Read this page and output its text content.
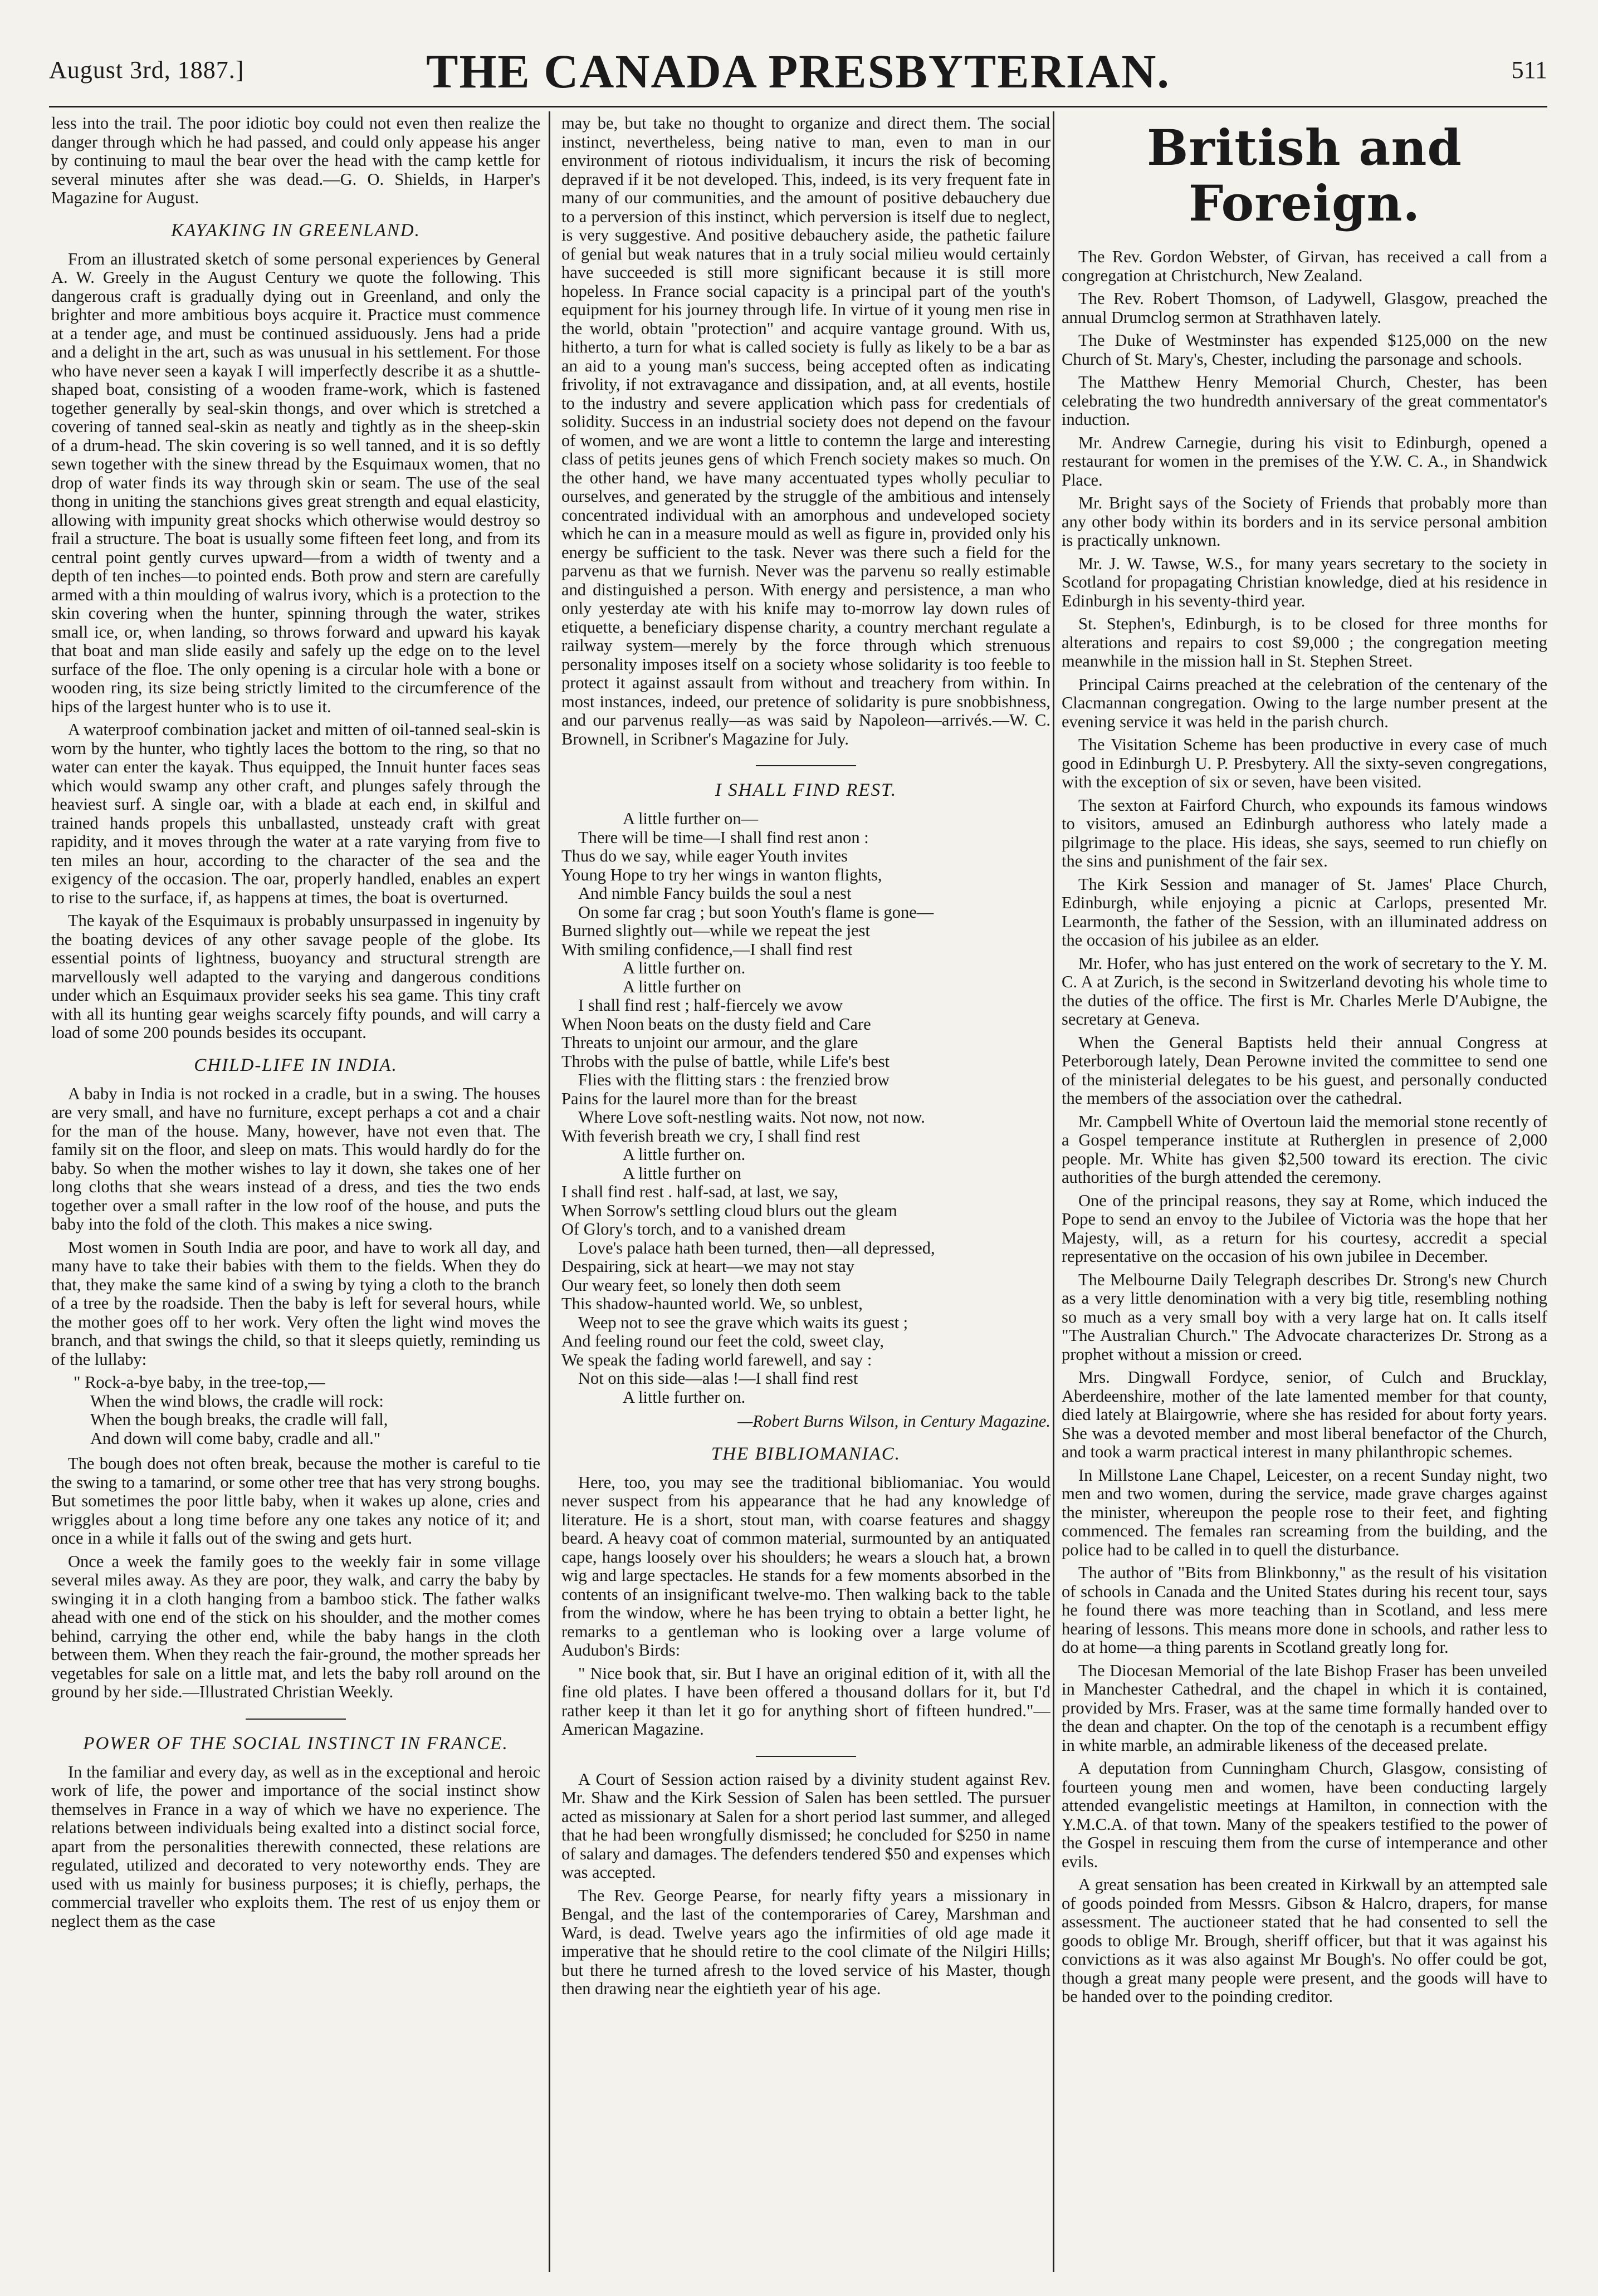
August 3rd, 1887.]	THE CANADA PRESBYTERIAN.	511

less into the trail. The poor idiotic boy could not even then realize the danger through which he had passed, and could only appease his anger by continuing to maul the bear over the head with the camp kettle for several minutes after she was dead.—G. O. Shields, in Harper's Magazine for August.

KAYAKING IN GREENLAND.

From an illustrated sketch of some personal experiences by General A. W. Greely in the August Century we quote the following. This dangerous craft is gradually dying out in Greenland, and only the brighter and more ambitious boys acquire it. Practice must commence at a tender age, and must be continued assiduously. Jens had a pride and a delight in the art, such as was unusual in his settlement. For those who have never seen a kayak I will imperfectly describe it as a shuttle-shaped boat, consisting of a wooden frame-work, which is fastened together generally by seal-skin thongs, and over which is stretched a covering of tanned seal-skin as neatly and tightly as in the sheep-skin of a drum-head. The skin covering is so well tanned, and it is so deftly sewn together with the sinew thread by the Esquimaux women, that no drop of water finds its way through skin or seam. The use of the seal thong in uniting the stanchions gives great strength and equal elasticity, allowing with impunity great shocks which otherwise would destroy so frail a structure. The boat is usually some fifteen feet long, and from its central point gently curves upward—from a width of twenty and a depth of ten inches—to pointed ends. Both prow and stern are carefully armed with a thin moulding of walrus ivory, which is a protection to the skin covering when the hunter, spinning through the water, strikes small ice, or, when landing, so throws forward and upward his kayak that boat and man slide easily and safely up the edge on to the level surface of the floe. The only opening is a circular hole with a bone or wooden ring, its size being strictly limited to the circumference of the hips of the largest hunter who is to use it.

A waterproof combination jacket and mitten of oil-tanned seal-skin is worn by the hunter, who tightly laces the bottom to the ring, so that no water can enter the kayak. Thus equipped, the Innuit hunter faces seas which would swamp any other craft, and plunges safely through the heaviest surf. A single oar, with a blade at each end, in skilful and trained hands propels this unballasted, unsteady craft with great rapidity, and it moves through the water at a rate varying from five to ten miles an hour, according to the character of the sea and the exigency of the occasion. The oar, properly handled, enables an expert to rise to the surface, if, as happens at times, the boat is overturned.

The kayak of the Esquimaux is probably unsurpassed in ingenuity by the boating devices of any other savage people of the globe. Its essential points of lightness, buoyancy and structural strength are marvellously well adapted to the varying and dangerous conditions under which an Esquimaux provider seeks his sea game. This tiny craft with all its hunting gear weighs scarcely fifty pounds, and will carry a load of some 200 pounds besides its occupant.

CHILD-LIFE IN INDIA.

A baby in India is not rocked in a cradle, but in a swing. The houses are very small, and have no furniture, except perhaps a cot and a chair for the man of the house. Many, however, have not even that. The family sit on the floor, and sleep on mats. This would hardly do for the baby. So when the mother wishes to lay it down, she takes one of her long cloths that she wears instead of a dress, and ties the two ends together over a small rafter in the low roof of the house, and puts the baby into the fold of the cloth. This makes a nice swing.

Most women in South India are poor, and have to work all day, and many have to take their babies with them to the fields. When they do that, they make the same kind of a swing by tying a cloth to the branch of a tree by the roadside. Then the baby is left for several hours, while the mother goes off to her work. Very often the light wind moves the branch, and that swings the child, so that it sleeps quietly, reminding us of the lullaby:

" Rock-a-bye baby, in the tree-top,—
When the wind blows, the cradle will rock:
When the bough breaks, the cradle will fall,
And down will come baby, cradle and all."

The bough does not often break, because the mother is careful to tie the swing to a tamarind, or some other tree that has very strong boughs. But sometimes the poor little baby, when it wakes up alone, cries and wriggles about a long time before any one takes any notice of it; and once in a while it falls out of the swing and gets hurt.

Once a week the family goes to the weekly fair in some village several miles away. As they are poor, they walk, and carry the baby by swinging it in a cloth hanging from a bamboo stick. The father walks ahead with one end of the stick on his shoulder, and the mother comes behind, carrying the other end, while the baby hangs in the cloth between them. When they reach the fair-ground, the mother spreads her vegetables for sale on a little mat, and lets the baby roll around on the ground by her side.—Illustrated Christian Weekly.

POWER OF THE SOCIAL INSTINCT IN FRANCE.

In the familiar and every day, as well as in the exceptional and heroic work of life, the power and importance of the social instinct show themselves in France in a way of which we have no experience. The relations between individuals being exalted into a distinct social force, apart from the personalities therewith connected, these relations are regulated, utilized and decorated to very noteworthy ends. They are used with us mainly for business purposes; it is chiefly, perhaps, the commercial traveller who exploits them. The rest of us enjoy them or neglect them as the case

may be, but take no thought to organize and direct them. The social instinct, nevertheless, being native to man, even to man in our environment of riotous individualism, it incurs the risk of becoming depraved if it be not developed. This, indeed, is its very frequent fate in many of our communities, and the amount of positive debauchery due to a perversion of this instinct, which perversion is itself due to neglect, is very suggestive. And positive debauchery aside, the pathetic failure of genial but weak natures that in a truly social milieu would certainly have succeeded is still more significant because it is still more hopeless. In France social capacity is a principal part of the youth's equipment for his journey through life. In virtue of it young men rise in the world, obtain "protection" and acquire vantage ground. With us, hitherto, a turn for what is called society is fully as likely to be a bar as an aid to a young man's success, being accepted often as indicating frivolity, if not extravagance and dissipation, and, at all events, hostile to the industry and severe application which pass for credentials of solidity. Success in an industrial society does not depend on the favour of women, and we are wont a little to contemn the large and interesting class of petits jeunes gens of which French society makes so much. On the other hand, we have many accentuated types wholly peculiar to ourselves, and generated by the struggle of the ambitious and intensely concentrated individual with an amorphous and undeveloped society which he can in a measure mould as well as figure in, provided only his energy be sufficient to the task. Never was there such a field for the parvenu as that we furnish. Never was the parvenu so really estimable and distinguished a person. With energy and persistence, a man who only yesterday ate with his knife may to-morrow lay down rules of etiquette, a beneficiary dispense charity, a country merchant regulate a railway system—merely by the force through which strenuous personality imposes itself on a society whose solidarity is too feeble to protect it against assault from without and treachery from within. In most instances, indeed, our pretence of solidarity is pure snobbishness, and our parvenus really—as was said by Napoleon—arrivés.—W. C. Brownell, in Scribner's Magazine for July.

I SHALL FIND REST.
A little further on—
There will be time—I shall find rest anon :
Thus do we say, while eager Youth invites
Young Hope to try her wings in wanton flights,
And nimble Fancy builds the soul a nest
On some far crag ; but soon Youth's flame is gone—
Burned slightly out—while we repeat the jest
With smiling confidence,—I shall find rest
A little further on.
A little further on
I shall find rest ; half-fiercely we avow
When Noon beats on the dusty field and Care
Threats to unjoint our armour, and the glare
Throbs with the pulse of battle, while Life's best
Flies with the flitting stars : the frenzied brow
Pains for the laurel more than for the breast
Where Love soft-nestling waits. Not now, not now.
With feverish breath we cry, I shall find rest
A little further on.
A little further on
I shall find rest . half-sad, at last, we say,
When Sorrow's settling cloud blurs out the gleam
Of Glory's torch, and to a vanished dream
Love's palace hath been turned, then—all depressed,
Despairing, sick at heart—we may not stay
Our weary feet, so lonely then doth seem
This shadow-haunted world. We, so unblest,
Weep not to see the grave which waits its guest ;
And feeling round our feet the cold, sweet clay,
We speak the fading world farewell, and say :
Not on this side—alas !—I shall find rest
A little further on.
—Robert Burns Wilson, in Century Magazine.
THE BIBLIOMANIAC.

Here, too, you may see the traditional bibliomaniac. You would never suspect from his appearance that he had any knowledge of literature. He is a short, stout man, with coarse features and shaggy beard. A heavy coat of common material, surmounted by an antiquated cape, hangs loosely over his shoulders; he wears a slouch hat, a brown wig and large spectacles. He stands for a few moments absorbed in the contents of an insignificant twelve-mo. Then walking back to the table from the window, where he has been trying to obtain a better light, he remarks to a gentleman who is looking over a large volume of Audubon's Birds:

" Nice book that, sir. But I have an original edition of it, with all the fine old plates. I have been offered a thousand dollars for it, but I'd rather keep it than let it go for anything short of fifteen hundred."—American Magazine.

A Court of Session action raised by a divinity student against Rev. Mr. Shaw and the Kirk Session of Salen has been settled. The pursuer acted as missionary at Salen for a short period last summer, and alleged that he had been wrongfully dismissed; he concluded for $250 in name of salary and damages. The defenders tendered $50 and expenses which was accepted.

The Rev. George Pearse, for nearly fifty years a missionary in Bengal, and the last of the contemporaries of Carey, Marshman and Ward, is dead. Twelve years ago the infirmities of old age made it imperative that he should retire to the cool climate of the Nilgiri Hills; but there he turned afresh to the loved service of his Master, though then drawing near the eightieth year of his age.

British and Foreign.

The Rev. Gordon Webster, of Girvan, has received a call from a congregation at Christchurch, New Zealand.

The Rev. Robert Thomson, of Ladywell, Glasgow, preached the annual Drumclog sermon at Strathhaven lately.

The Duke of Westminster has expended $125,000 on the new Church of St. Mary's, Chester, including the parsonage and schools.

The Matthew Henry Memorial Church, Chester, has been celebrating the two hundredth anniversary of the great commentator's induction.

Mr. Andrew Carnegie, during his visit to Edinburgh, opened a restaurant for women in the premises of the Y.W. C. A., in Shandwick Place.

Mr. Bright says of the Society of Friends that probably more than any other body within its borders and in its service personal ambition is practically unknown.

Mr. J. W. Tawse, W.S., for many years secretary to the society in Scotland for propagating Christian knowledge, died at his residence in Edinburgh in his seventy-third year.

St. Stephen's, Edinburgh, is to be closed for three months for alterations and repairs to cost $9,000 ; the congregation meeting meanwhile in the mission hall in St. Stephen Street.

Principal Cairns preached at the celebration of the centenary of the Clacmannan congregation. Owing to the large number present at the evening service it was held in the parish church.

The Visitation Scheme has been productive in every case of much good in Edinburgh U. P. Presbytery. All the sixty-seven congregations, with the exception of six or seven, have been visited.

The sexton at Fairford Church, who expounds its famous windows to visitors, amused an Edinburgh authoress who lately made a pilgrimage to the place. His ideas, she says, seemed to run chiefly on the sins and punishment of the fair sex.

The Kirk Session and manager of St. James' Place Church, Edinburgh, while enjoying a picnic at Carlops, presented Mr. Learmonth, the father of the Session, with an illuminated address on the occasion of his jubilee as an elder.

Mr. Hofer, who has just entered on the work of secretary to the Y. M. C. A at Zurich, is the second in Switzerland devoting his whole time to the duties of the office. The first is Mr. Charles Merle D'Aubigne, the secretary at Geneva.

When the General Baptists held their annual Congress at Peterborough lately, Dean Perowne invited the committee to send one of the ministerial delegates to be his guest, and personally conducted the members of the association over the cathedral.

Mr. Campbell White of Overtoun laid the memorial stone recently of a Gospel temperance institute at Rutherglen in presence of 2,000 people. Mr. White has given $2,500 toward its erection. The civic authorities of the burgh attended the ceremony.

One of the principal reasons, they say at Rome, which induced the Pope to send an envoy to the Jubilee of Victoria was the hope that her Majesty, will, as a return for his courtesy, accredit a special representative on the occasion of his own jubilee in December.

The Melbourne Daily Telegraph describes Dr. Strong's new Church as a very little denomination with a very big title, resembling nothing so much as a very small boy with a very large hat on. It calls itself "The Australian Church." The Advocate characterizes Dr. Strong as a prophet without a mission or creed.

Mrs. Dingwall Fordyce, senior, of Culch and Brucklay, Aberdeenshire, mother of the late lamented member for that county, died lately at Blairgowrie, where she has resided for about forty years. She was a devoted member and most liberal benefactor of the Church, and took a warm practical interest in many philanthropic schemes.

In Millstone Lane Chapel, Leicester, on a recent Sunday night, two men and two women, during the service, made grave charges against the minister, whereupon the people rose to their feet, and fighting commenced. The females ran screaming from the building, and the police had to be called in to quell the disturbance.

The author of "Bits from Blinkbonny," as the result of his visitation of schools in Canada and the United States during his recent tour, says he found there was more teaching than in Scotland, and less mere hearing of lessons. This means more done in schools, and rather less to do at home—a thing parents in Scotland greatly long for.

The Diocesan Memorial of the late Bishop Fraser has been unveiled in Manchester Cathedral, and the chapel in which it is contained, provided by Mrs. Fraser, was at the same time formally handed over to the dean and chapter. On the top of the cenotaph is a recumbent effigy in white marble, an admirable likeness of the deceased prelate.

A deputation from Cunningham Church, Glasgow, consisting of fourteen young men and women, have been conducting largely attended evangelistic meetings at Hamilton, in connection with the Y.M.C.A. of that town. Many of the speakers testified to the power of the Gospel in rescuing them from the curse of intemperance and other evils.

A great sensation has been created in Kirkwall by an attempted sale of goods poinded from Messrs. Gibson & Halcro, drapers, for manse assessment. The auctioneer stated that he had consented to sell the goods to oblige Mr. Brough, sheriff officer, but that it was against his convictions as it was also against Mr Bough's. No offer could be got, though a great many people were present, and the goods will have to be handed over to the poinding creditor.
